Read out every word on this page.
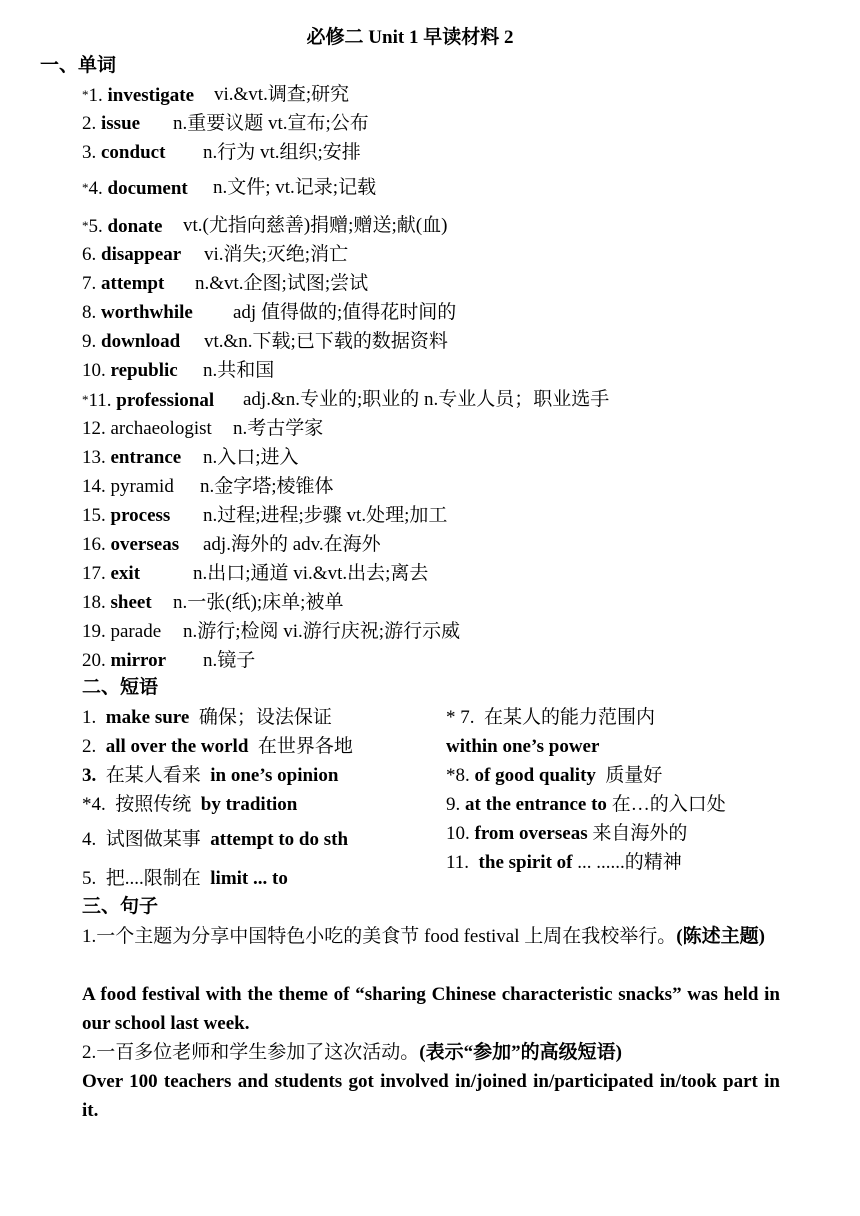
必修二 Unit 1 早读材料 2
一、单词
*1. investigate vi.&vt.调查;研究
2. issue n.重要议题 vt.宣布;公布
3. conduct n.行为 vt.组织;安排
*4. document n.文件; vt.记录;记载
*5. donate vt.(尤指向慈善)捐赠;赠送;献(血)
6. disappear vi.消失;灭绝;消亡
7. attempt n.&vt.企图;试图;尝试
8. worthwhile adj 值得做的;值得花时间的
9. download vt.&n.下载;已下载的数据资料
10. republic n.共和国
*11. professional adj.&n.专业的;职业的 n.专业人员；职业选手
12. archaeologist n.考古学家
13. entrance n.入口;进入
14. pyramid n.金字塔;棱锥体
15. process n.过程;进程;步骤 vt.处理;加工
16. overseas adj.海外的 adv.在海外
17. exit	n.出口;通道 vi.&vt.出去;离去
18. sheet n.一张(纸);床单;被单
19. parade n.游行;检阅 vi.游行庆祝;游行示威
20. mirror n.镜子
二、短语
1.  make sure  确保；设法保证
2.  all over the world  在世界各地
3.  在某人看来  in one’s opinion
*4.  按照传统  by tradition
4.  试图做某事  attempt to do sth
5.  把....限制在  limit ... to
* 7.  在某人的能力范围内
within one’s power
*8. of good quality  质量好
9. at the entrance to 在…的入口处
10. from overseas 来自海外的
11.  the spirit of ... ......的精神
三、句子
1.一个主题为分享中国特色小吃的美食节 food festival 上周在我校举行。(陈述主题)
A food festival with the theme of “sharing Chinese characteristic snacks” was held in our school last week.
2.一百多位老师和学生参加了这次活动。(表示“参加”的高级短语)
Over 100 teachers and students got involved in/joined in/participated in/took part in it.
